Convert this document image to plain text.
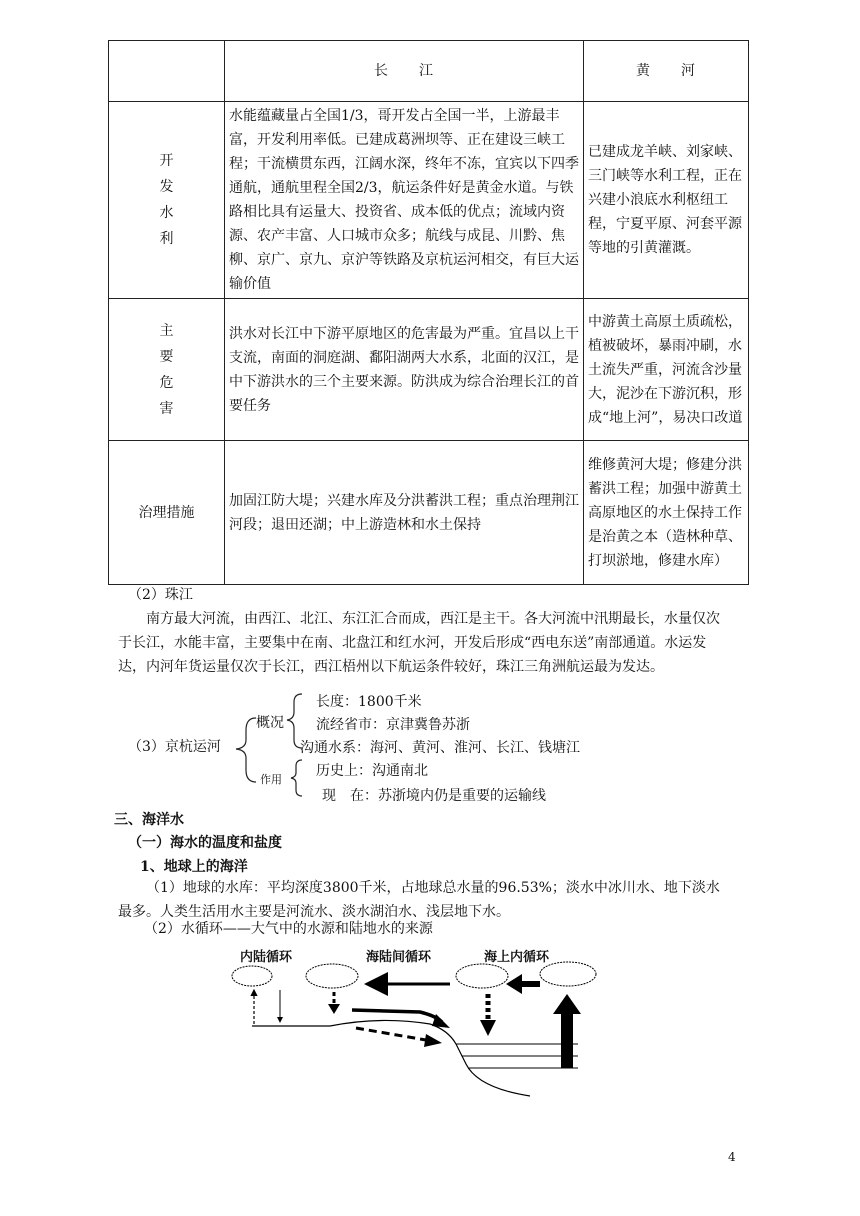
	长　　江	黄　　河

开
发
水
利	水能蕴藏量占全国1/3，哥开发占全国一半，上游最丰富，开发利用率低。已建成葛洲坝等、正在建设三峡工程；干流横贯东西，江阔水深，终年不冻，宜宾以下四季通航，通航里程全国2/3，航运条件好是黄金水道。与铁路相比具有运量大、投资省、成本低的优点；流域内资源、农产丰富、人口城市众多；航线与成昆、川黔、焦柳、京广、京九、京沪等铁路及京杭运河相交，有巨大运输价值	已建成龙羊峡、刘家峡、三门峡等水利工程，正在兴建小浪底水利枢纽工程，宁夏平原、河套平源等地的引黄灌溉。

主
要
危
害	洪水对长江中下游平原地区的危害最为严重。宜昌以上干支流，南面的洞庭湖、鄱阳湖两大水系，北面的汉江，是中下游洪水的三个主要来源。防洪成为综合治理长江的首要任务	中游黄土高原土质疏松，植被破坏，暴雨冲刷，水土流失严重，河流含沙量大，泥沙在下游沉积，形成“地上河”，易决口改道
治理措施	加固江防大堤；兴建水库及分洪蓄洪工程；重点治理荆江河段；退田还湖；中上游造林和水土保持	维修黄河大堤；修建分洪蓄洪工程；加强中游黄土高原地区的水土保持工作是治黄之本（造林种草、打坝淤地，修建水库）
（2）珠江
南方最大河流，由西江、北江、东江汇合而成，西江是主干。各大河流中汛期最长，水量仅次于长江，水能丰富，主要集中在南、北盘江和红水河，开发后形成“西电东送”南部通道。水运发达，内河年货运量仅次于长江，西江梧州以下航运条件较好，珠江三角洲航运最为发达。
（3）京杭运河
概况
作用
长度：1800千米
流经省市：京津冀鲁苏浙
沟通水系：海河、黄河、淮河、长江、钱塘江
历史上：沟通南北
现　在：苏浙境内仍是重要的运输线
三、海洋水
（一）海水的温度和盐度
1、地球上的海洋
（1）地球的水库：平均深度3800千米，占地球总水量的96.53%；淡水中冰川水、地下淡水最多。人类生活用水主要是河流水、淡水湖泊水、浅层地下水。
（2）水循环——大气中的水源和陆地水的来源
内陆循环	海陆间循环	海上内循环
4
